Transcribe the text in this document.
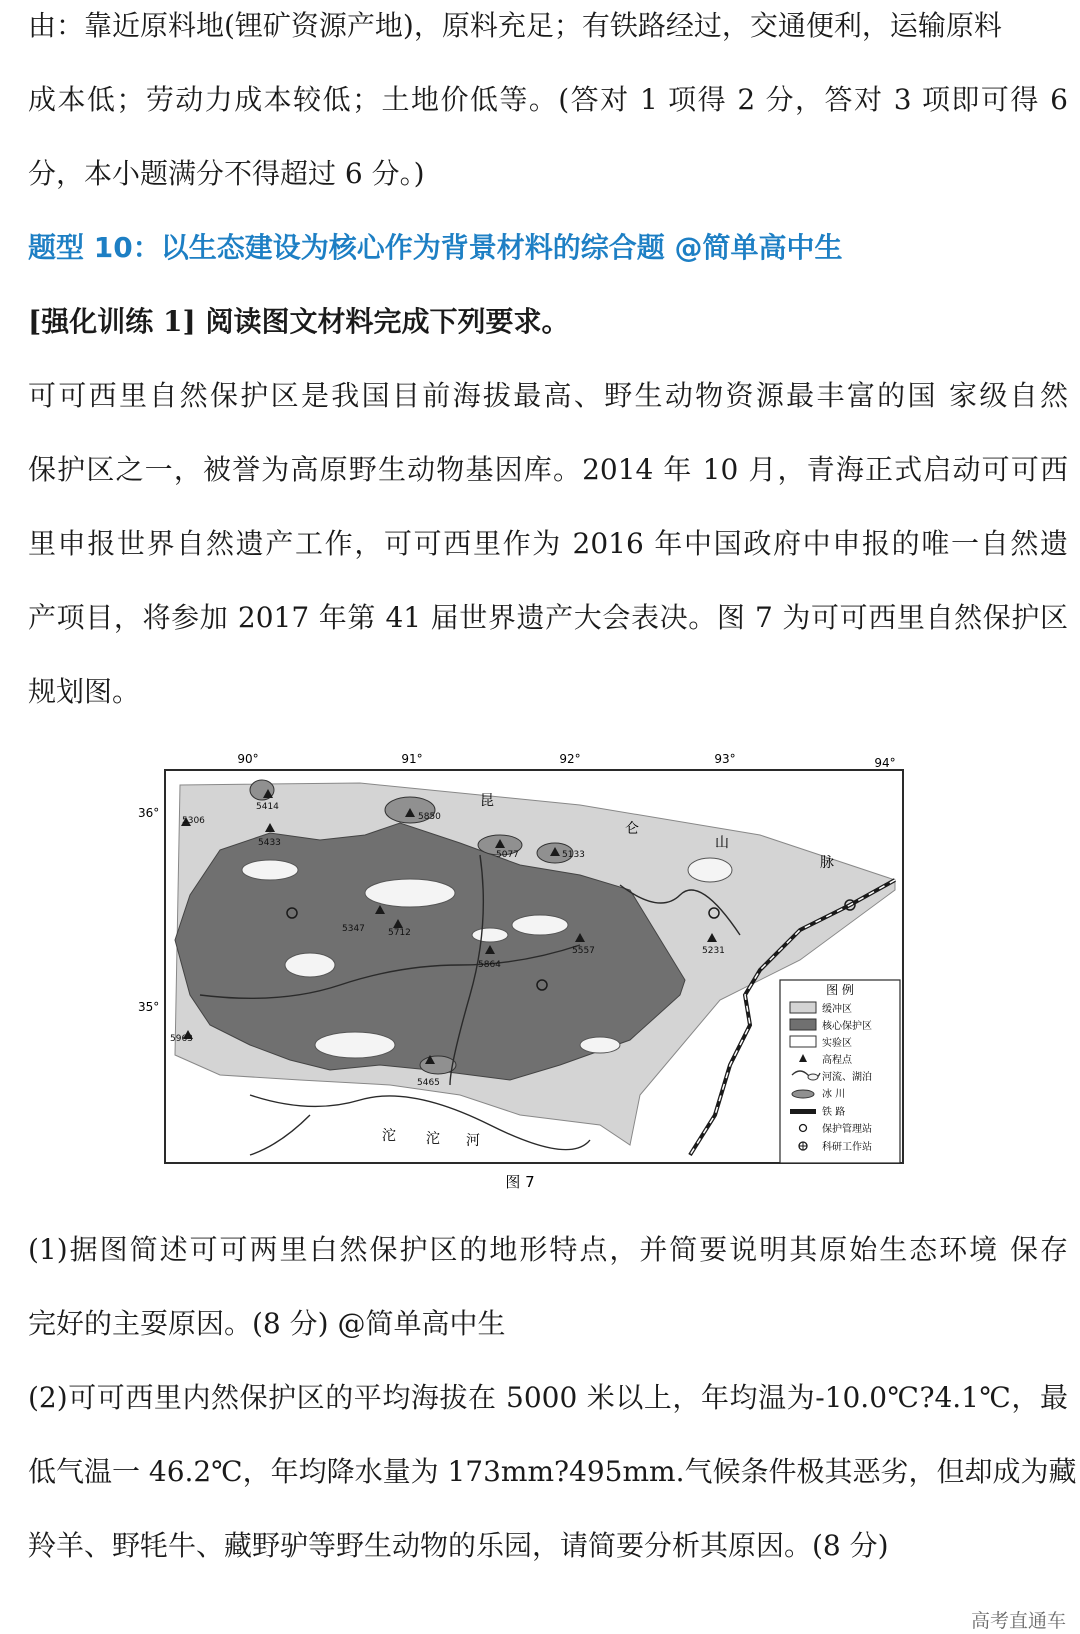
由：靠近原料地(锂矿资源产地)，原料充足；有铁路经过，交通便利，运输原料
成本低；劳动力成本较低；土地价低等。(答对 1 项得 2 分，答对 3 项即可得 6
分，本小题满分不得超过 6 分。)
题型 10：以生态建设为核心作为背景材料的综合题 @简单高中生
[强化训练 1] 阅读图文材料完成下列要求。
可可西里自然保护区是我国目前海拔最高、野生动物资源最丰富的国 家级自然
保护区之一，被誉为高原野生动物基因库。2014 年 10 月，青海正式启动可可西
里申报世界自然遗产工作，可可西里作为 2016 年中国政府中申报的唯一自然遗
产项目，将参加 2017 年第 41 届世界遗产大会表决。图 7 为可可西里自然保护区
规划图。
90°	91°	92°	93°	94°
36°
35°
昆
仑
山
脉
沱 沱 河
5306
5414
5850
5077	5133
5347	5712
5864
5557	5231
5963
5465
5433
图 例
缓冲区
核心保护区
实验区
高程点
河流、湖泊
冰 川
铁 路
保护管理站
科研工作站
图 7
(1)据图简述可可两里白然保护区的地形特点，并简要说明其原始生态环境 保存
完好的主耍原因。(8 分) @简单高中生
(2)可可西里内然保护区的平均海拔在 5000 米以上，年均温为-10.0℃?4.1℃，最
低气温一 46.2℃，年均降水量为 173mm?495mm.气候条件极其恶劣，但却成为藏
羚羊、野牦牛、藏野驴等野生动物的乐园，请简要分析其原因。(8 分)
高考直通车
